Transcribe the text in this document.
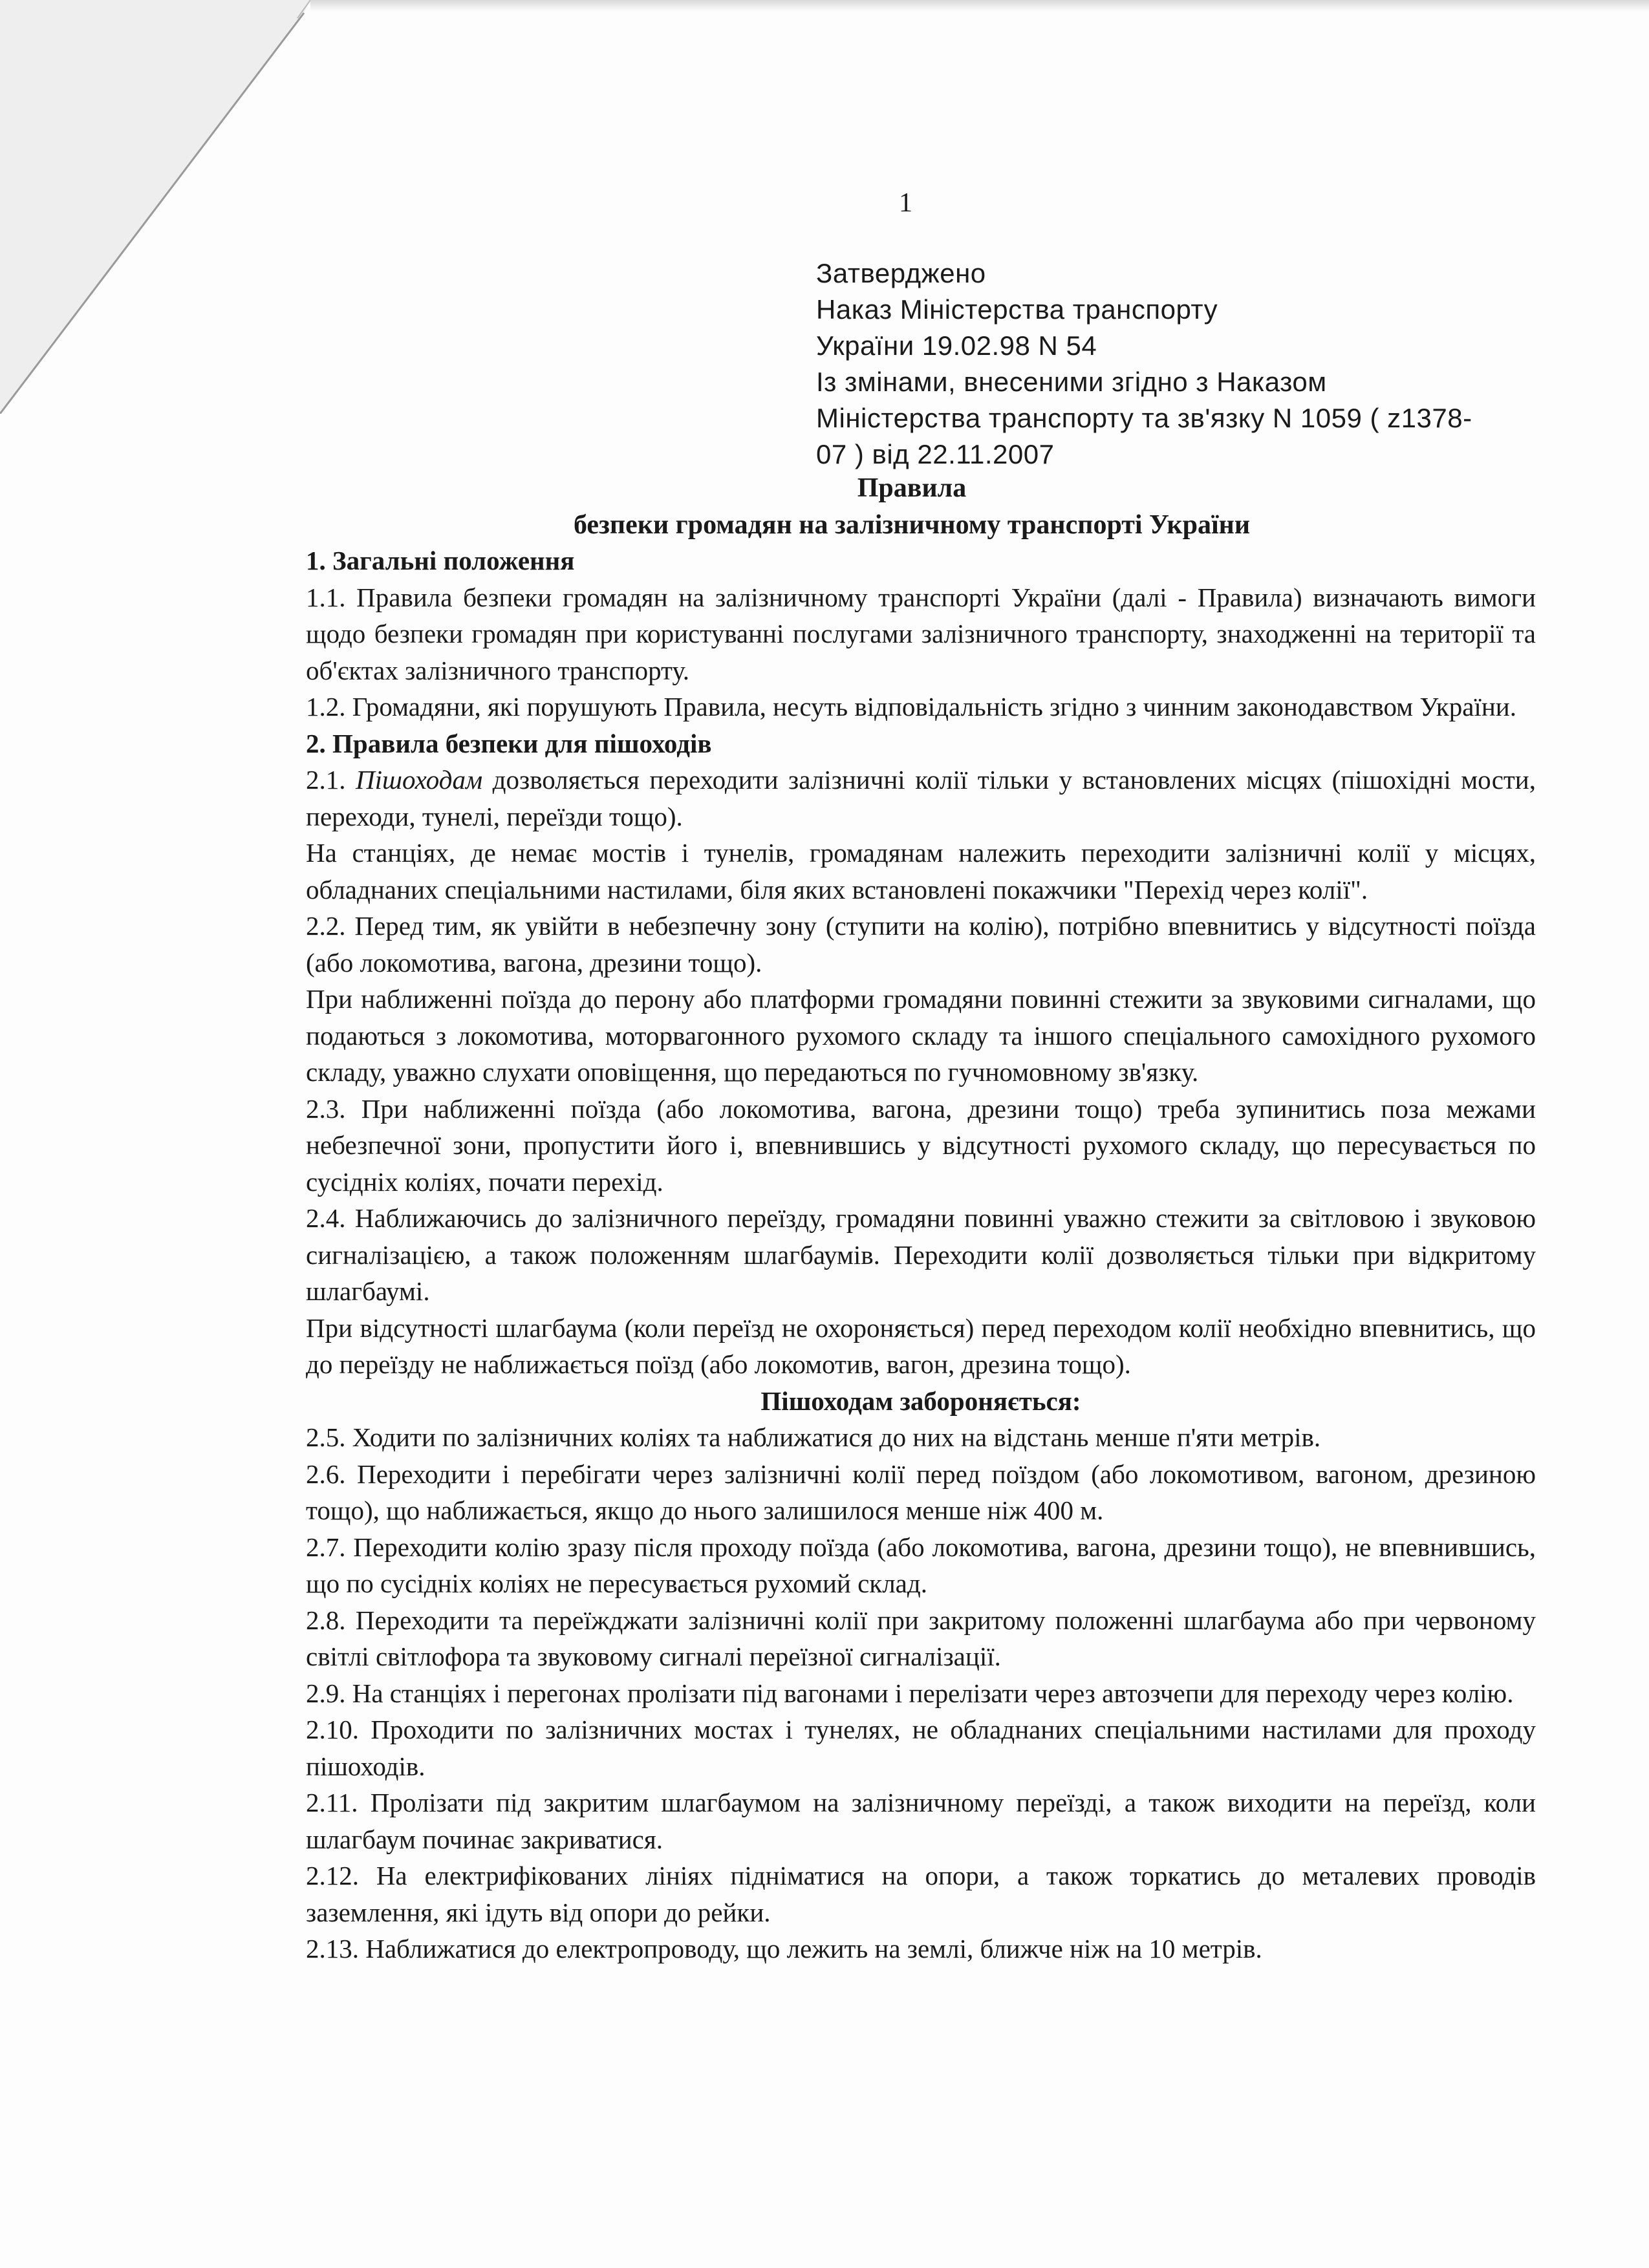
1
Затверджено
Наказ Міністерства транспорту
України 19.02.98 N 54
Із змінами, внесеними згідно з Наказом
Міністерства транспорту та зв'язку N 1059 ( z1378-
07 ) від 22.11.2007
Правила
безпеки громадян на залізничному транспорті України

1. Загальні положення

1.1. Правила безпеки громадян на залізничному транспорті України (далі - Правила) визначають вимоги щодо безпеки громадян при користуванні послугами залізничного транспорту, знаходженні на території та об'єктах залізничного транспорту.

1.2. Громадяни, які порушують Правила, несуть відповідальність згідно з чинним законодавством України.

2. Правила безпеки для пішоходів

2.1. Пішоходам дозволяється переходити залізничні колії тільки у встановлених місцях (пішохідні мости, переходи, тунелі, переїзди тощо).

На станціях, де немає мостів і тунелів, громадянам належить переходити залізничні колії у місцях, обладнаних спеціальними настилами, біля яких встановлені покажчики "Перехід через колії".

2.2. Перед тим, як увійти в небезпечну зону (ступити на колію), потрібно впевнитись у відсутності поїзда (або локомотива, вагона, дрезини тощо).

При наближенні поїзда до перону або платформи громадяни повинні стежити за звуковими сигналами, що подаються з локомотива, моторвагонного рухомого складу та іншого спеціального самохідного рухомого складу, уважно слухати оповіщення, що передаються по гучномовному зв'язку.

2.3. При наближенні поїзда (або локомотива, вагона, дрезини тощо) треба зупинитись поза межами небезпечної зони, пропустити його і, впевнившись у відсутності рухомого складу, що пересувається по сусідніх коліях, почати перехід.

2.4. Наближаючись до залізничного переїзду, громадяни повинні уважно стежити за світловою і звуковою сигналізацією, а також положенням шлагбаумів. Переходити колії дозволяється тільки при відкритому шлагбаумі.

При відсутності шлагбаума (коли переїзд не охороняється) перед переходом колії необхідно впевнитись, що до переїзду не наближається поїзд (або локомотив, вагон, дрезина тощо).

Пішоходам забороняється:

2.5. Ходити по залізничних коліях та наближатися до них на відстань менше п'яти метрів.

2.6. Переходити і перебігати через залізничні колії перед поїздом (або локомотивом, вагоном, дрезиною тощо), що наближається, якщо до нього залишилося менше ніж 400 м.

2.7. Переходити колію зразу після проходу поїзда (або локомотива, вагона, дрезини тощо), не впевнившись, що по сусідніх коліях не пересувається рухомий склад.

2.8. Переходити та переїжджати залізничні колії при закритому положенні шлагбаума або при червоному світлі світлофора та звуковому сигналі переїзної сигналізації.

2.9. На станціях і перегонах пролізати під вагонами і перелізати через автозчепи для переходу через колію.

2.10. Проходити по залізничних мостах і тунелях, не обладнаних спеціальними настилами для проходу пішоходів.

2.11. Пролізати під закритим шлагбаумом на залізничному переїзді, а також виходити на переїзд, коли шлагбаум починає закриватися.

2.12. На електрифікованих лініях підніматися на опори, а також торкатись до металевих проводів заземлення, які ідуть від опори до рейки.

2.13. Наближатися до електропроводу, що лежить на землі, ближче ніж на 10 метрів.
